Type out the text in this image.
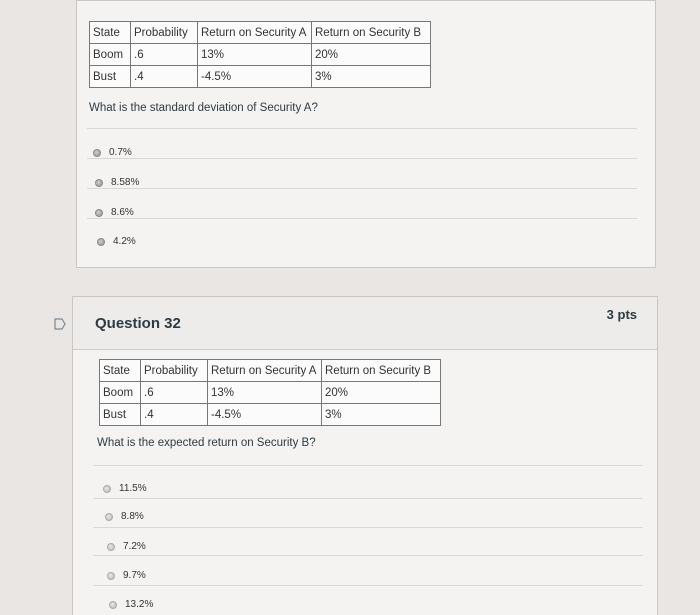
State	Probability	Return on Security A	Return on Security B
Boom	.6	13%	20%
Bust	.4	-4.5%	3%
What is the standard deviation of Security A?
0.7%
8.58%
8.6%
4.2%
Question 32
3 pts
State	Probability	Return on Security A	Return on Security B
Boom	.6	13%	20%
Bust	.4	-4.5%	3%
What is the expected return on Security B?
11.5%
8.8%
7.2%
9.7%
13.2%
